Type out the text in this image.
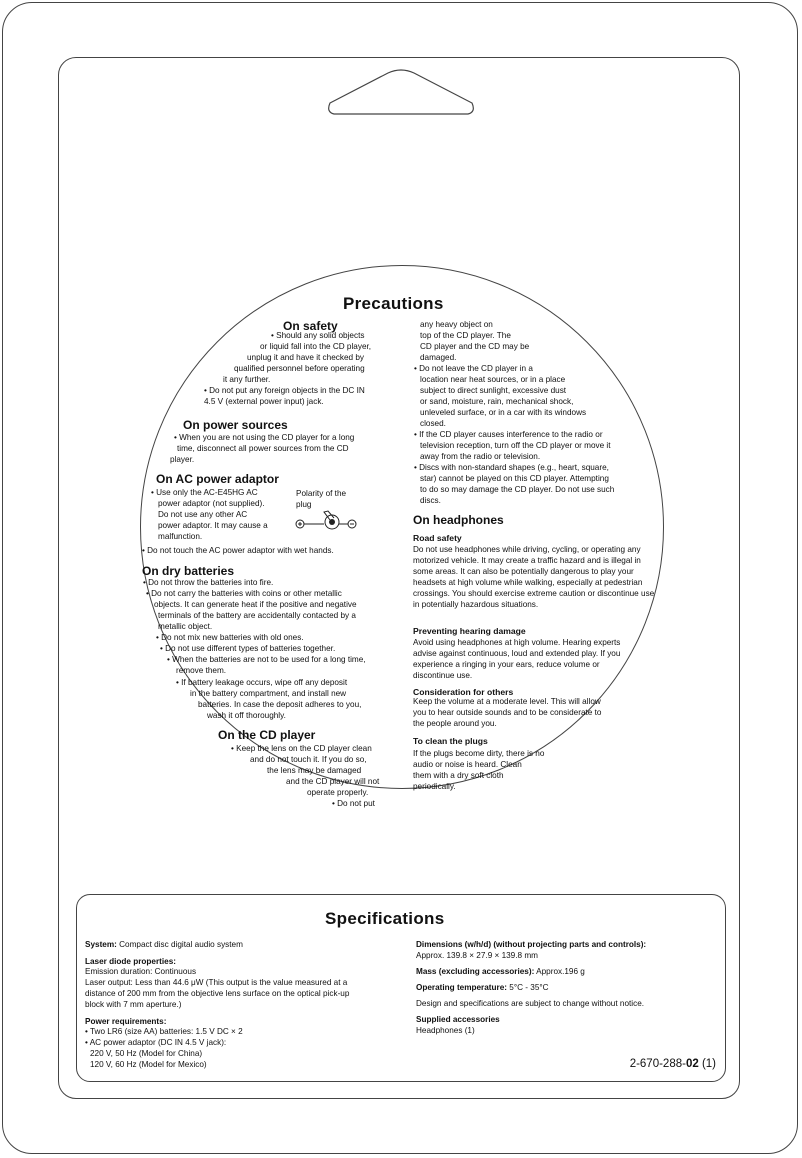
Precautions
On safety
• Should any solid objects
or liquid fall into the CD player,
unplug it and have it checked by
qualified personnel before operating
it any further.
• Do not put any foreign objects in the DC IN
4.5 V (external power input) jack.
On power sources
• When you are not using the CD player for a long
time, disconnect all power sources from the CD
player.
On AC power adaptor
• Use only the AC-E45HG AC
power adaptor (not supplied).
Do not use any other AC
power adaptor. It may cause a
malfunction.
Polarity of the
plug
• Do not touch the AC power adaptor with wet hands.
On dry batteries
• Do not throw the batteries into fire.
• Do not carry the batteries with coins or other metallic
objects. It can generate heat if the positive and negative
terminals of the battery are accidentally contacted by a
metallic object.
• Do not mix new batteries with old ones.
• Do not use different types of batteries together.
• When the batteries are not to be used for a long time,
remove them.
• If battery leakage occurs, wipe off any deposit
in the battery compartment, and install new
batteries. In case the deposit adheres to you,
wash it off thoroughly.
On the CD player
• Keep the lens on the CD player clean
and do not touch it. If you do so,
the lens may be damaged
and the CD player will not
operate properly.
• Do not put
any heavy object on
top of the CD player. The
CD player and the CD may be
damaged.
• Do not leave the CD player in a
location near heat sources, or in a place
subject to direct sunlight, excessive dust
or sand, moisture, rain, mechanical shock,
unleveled surface, or in a car with its windows
closed.
• If the CD player causes interference to the radio or
television reception, turn off the CD player or move it
away from the radio or television.
• Discs with non-standard shapes (e.g., heart, square,
star) cannot be played on this CD player. Attempting
to do so may damage the CD player. Do not use such
discs.
On headphones
Road safety
Do not use headphones while driving, cycling, or operating any motorized vehicle. It may create a traffic hazard and is illegal in some areas. It can also be potentially dangerous to play your headsets at high volume while walking, especially at pedestrian crossings. You should exercise extreme caution or discontinue use in potentially hazardous situations.
Preventing hearing damage
Avoid using headphones at high volume. Hearing experts advise against continuous, loud and extended play. If you experience a ringing in your ears, reduce volume or discontinue use.
Consideration for others
Keep the volume at a moderate level. This will allow you to hear outside sounds and to be considerate to the people around you.
To clean the plugs
If the plugs become dirty, there is no
audio or noise is heard. Clean
them with a dry soft cloth
periodically.
Specifications
System: Compact disc digital audio system
Laser diode properties:
Emission duration: Continuous
Laser output: Less than 44.6 μW (This output is the value measured at a
distance of 200 mm from the objective lens surface on the optical pick-up
block with 7 mm aperture.)
Power requirements:
• Two LR6 (size AA) batteries: 1.5 V DC × 2
• AC power adaptor (DC IN 4.5 V jack):
220 V, 50 Hz (Model for China)
120 V, 60 Hz (Model for Mexico)
Dimensions (w/h/d) (without projecting parts and controls):
Approx. 139.8 × 27.9 × 139.8 mm
Mass (excluding accessories): Approx.196 g
Operating temperature: 5°C - 35°C
Design and specifications are subject to change without notice.
Supplied accessories
Headphones (1)
2-670-288-02 (1)
